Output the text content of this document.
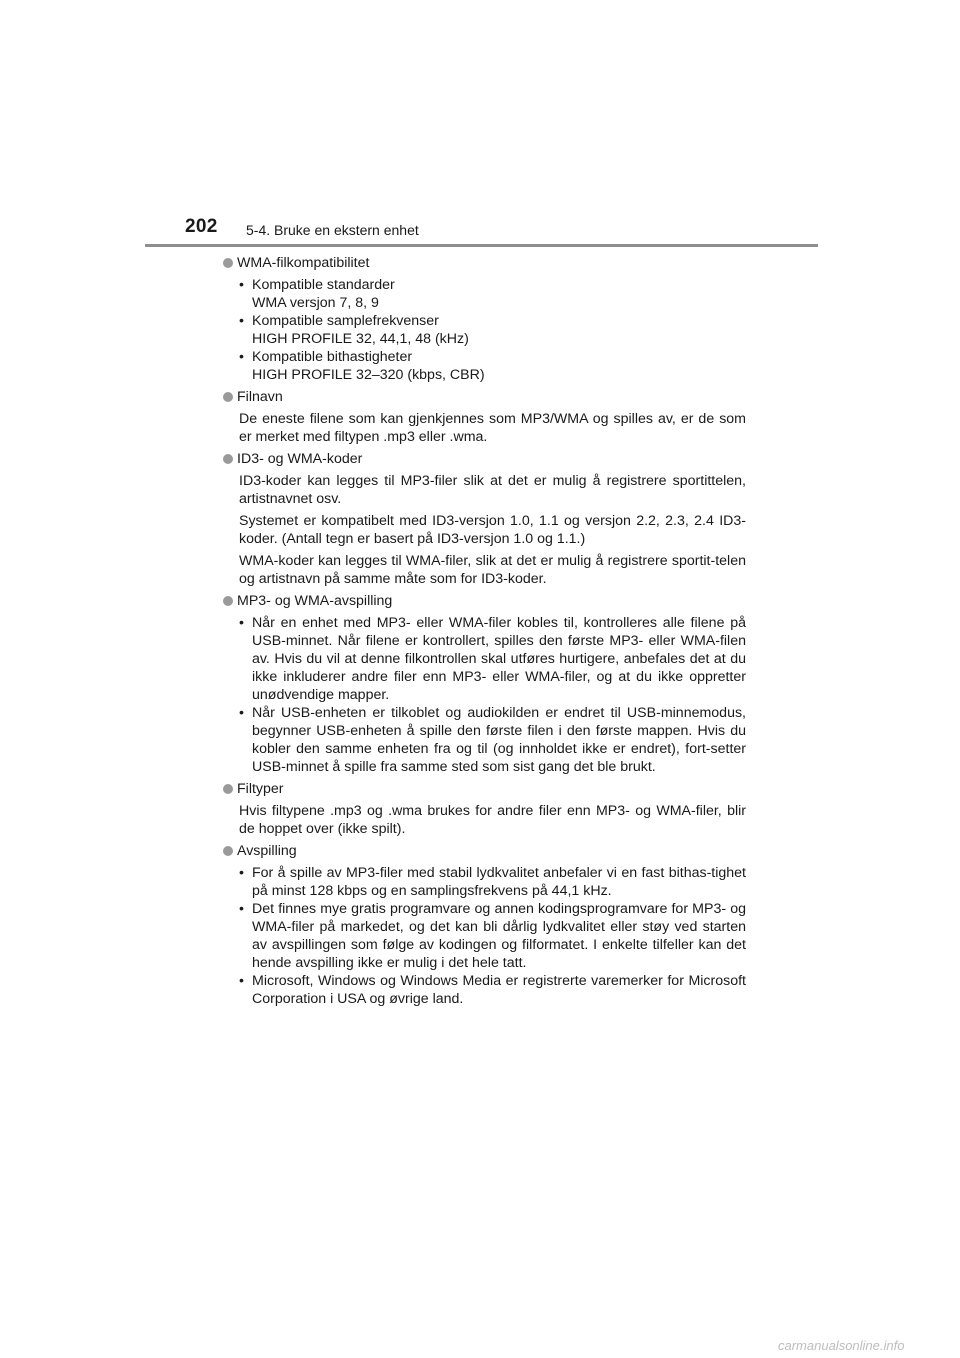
202 5-4. Bruke en ekstern enhet
WMA-filkompatibilitet
• Kompatible standarder
WMA versjon 7, 8, 9
• Kompatible samplefrekvenser
HIGH PROFILE 32, 44,1, 48 (kHz)
• Kompatible bithastigheter
HIGH PROFILE 32–320 (kbps, CBR)
Filnavn
De eneste filene som kan gjenkjennes som MP3/WMA og spilles av, er de som er merket med filtypen .mp3 eller .wma.
ID3- og WMA-koder
ID3-koder kan legges til MP3-filer slik at det er mulig å registrere sportittelen, artistnavnet osv.
Systemet er kompatibelt med ID3-versjon 1.0, 1.1 og versjon 2.2, 2.3, 2.4 ID3-koder. (Antall tegn er basert på ID3-versjon 1.0 og 1.1.)
WMA-koder kan legges til WMA-filer, slik at det er mulig å registrere sportit-telen og artistnavn på samme måte som for ID3-koder.
MP3- og WMA-avspilling
• Når en enhet med MP3- eller WMA-filer kobles til, kontrolleres alle filene på USB-minnet. Når filene er kontrollert, spilles den første MP3- eller WMA-filen av. Hvis du vil at denne filkontrollen skal utføres hurtigere, anbefales det at du ikke inkluderer andre filer enn MP3- eller WMA-filer, og at du ikke oppretter unødvendige mapper.
• Når USB-enheten er tilkoblet og audiokilden er endret til USB-minnemodus, begynner USB-enheten å spille den første filen i den første mappen. Hvis du kobler den samme enheten fra og til (og innholdet ikke er endret), fort-setter USB-minnet å spille fra samme sted som sist gang det ble brukt.
Filtyper
Hvis filtypene .mp3 og .wma brukes for andre filer enn MP3- og WMA-filer, blir de hoppet over (ikke spilt).
Avspilling
• For å spille av MP3-filer med stabil lydkvalitet anbefaler vi en fast bithas-tighet på minst 128 kbps og en samplingsfrekvens på 44,1 kHz.
• Det finnes mye gratis programvare og annen kodingsprogramvare for MP3- og WMA-filer på markedet, og det kan bli dårlig lydkvalitet eller støy ved starten av avspillingen som følge av kodingen og filformatet. I enkelte tilfeller kan det hende avspilling ikke er mulig i det hele tatt.
• Microsoft, Windows og Windows Media er registrerte varemerker for Microsoft Corporation i USA og øvrige land.
carmanualsonline.info
